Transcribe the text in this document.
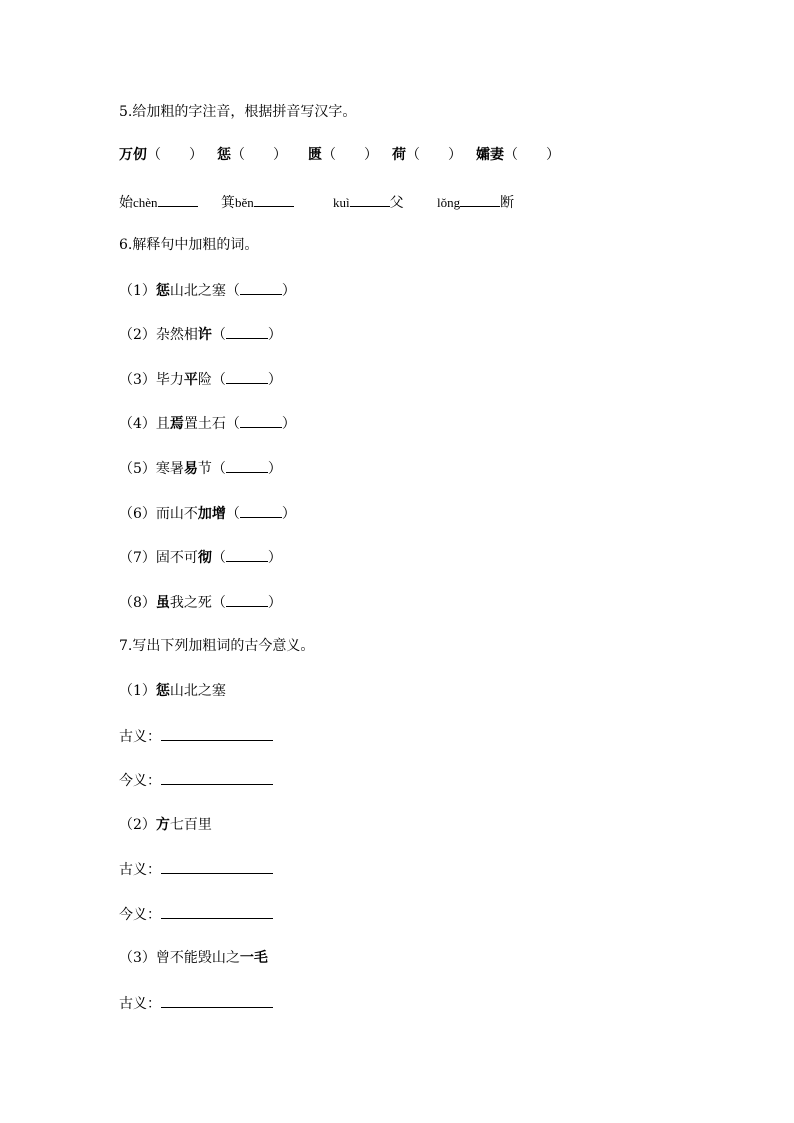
5.给加粗的字注音，根据拼音写汉字。
万仞（　　） 惩（　　） 匮（　　） 荷（　　） 孀妻（　　）
始chèn	箕běn	kuì	父	lǒng	断
6.解释句中加粗的词。
（1）惩山北之塞（	）
（2）杂然相许（	）
（3）毕力平险（	）
（4）且焉置土石（	）
（5）寒暑易节（	）
（6）而山不加增（	）
（7）固不可彻（	）
（8）虽我之死（	）
7.写出下列加粗词的古今意义。
（1）惩山北之塞
古义：
今义：
（2）方七百里
古义：
今义：
（3）曾不能毁山之一毛
古义：
